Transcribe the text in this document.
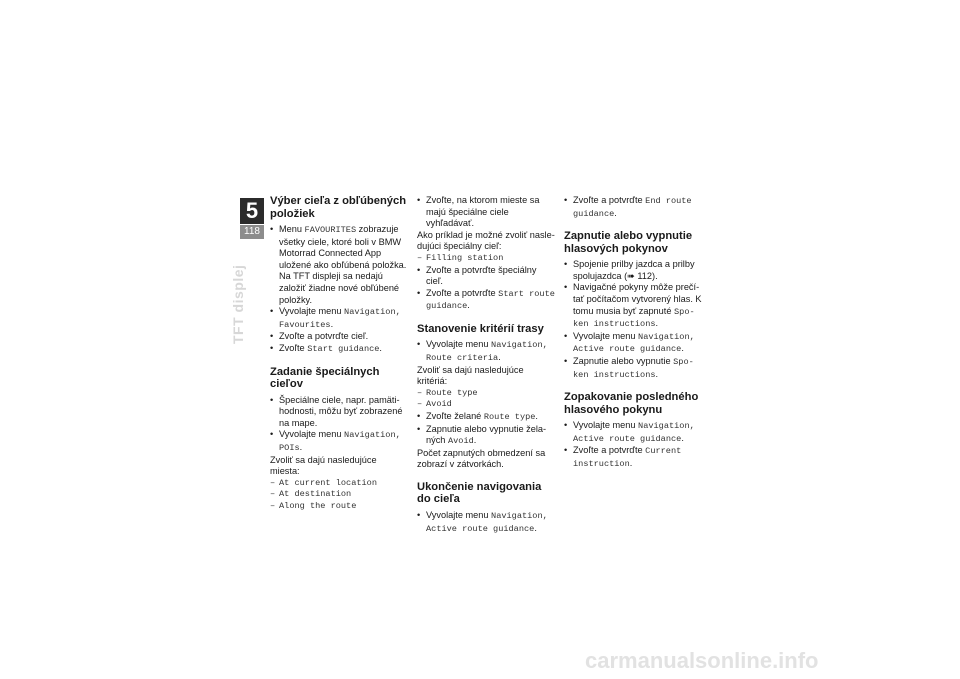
5
118
TFT displej
Výber cieľa z obľúbených položiek
• Menu FAVOURITES zobrazuje všetky ciele, ktoré boli v BMW Motorrad Connected App uložené ako obľúbená položka. Na TFT displeji sa nedajú založiť žiadne nové obľúbené položky.
• Vyvolajte menu Navigation, Favourites.
• Zvoľte a potvrďte cieľ.
• Zvoľte Start guidance.
Zadanie špeciálnych cieľov
• Špeciálne ciele, napr. pamätihodnosti, môžu byť zobrazené na mape.
• Vyvolajte menu Navigation, POIs.
Zvoliť sa dajú nasledujúce miesta:
– At current location
– At destination
– Along the route
• Zvoľte, na ktorom mieste sa majú špeciálne ciele vyhľadávať.
Ako príklad je možné zvoliť nasledujúci špeciálny cieľ:
– Filling station
• Zvoľte a potvrďte špeciálny cieľ.
• Zvoľte a potvrďte Start route guidance.
Stanovenie kritérií trasy
• Vyvolajte menu Navigation, Route criteria.
Zvoliť sa dajú nasledujúce kritériá:
– Route type
– Avoid
• Zvoľte želané Route type.
• Zapnutie alebo vypnutie želaných Avoid.
Počet zapnutých obmedzení sa zobrazí v zátvorkách.
Ukončenie navigovania do cieľa
• Vyvolajte menu Navigation, Active route guidance.
• Zvoľte a potvrďte End route guidance.
Zapnutie alebo vypnutie hlasových pokynov
• Spojenie prilby jazdca a prilby spolujazdca (➠ 112).
• Navigačné pokyny môže prečítať počítačom vytvorený hlas. K tomu musia byť zapnuté Spoken instructions.
• Vyvolajte menu Navigation, Active route guidance.
• Zapnutie alebo vypnutie Spoken instructions.
Zopakovanie posledného hlasového pokynu
• Vyvolajte menu Navigation, Active route guidance.
• Zvoľte a potvrďte Current instruction.
carmanualsonline.info
